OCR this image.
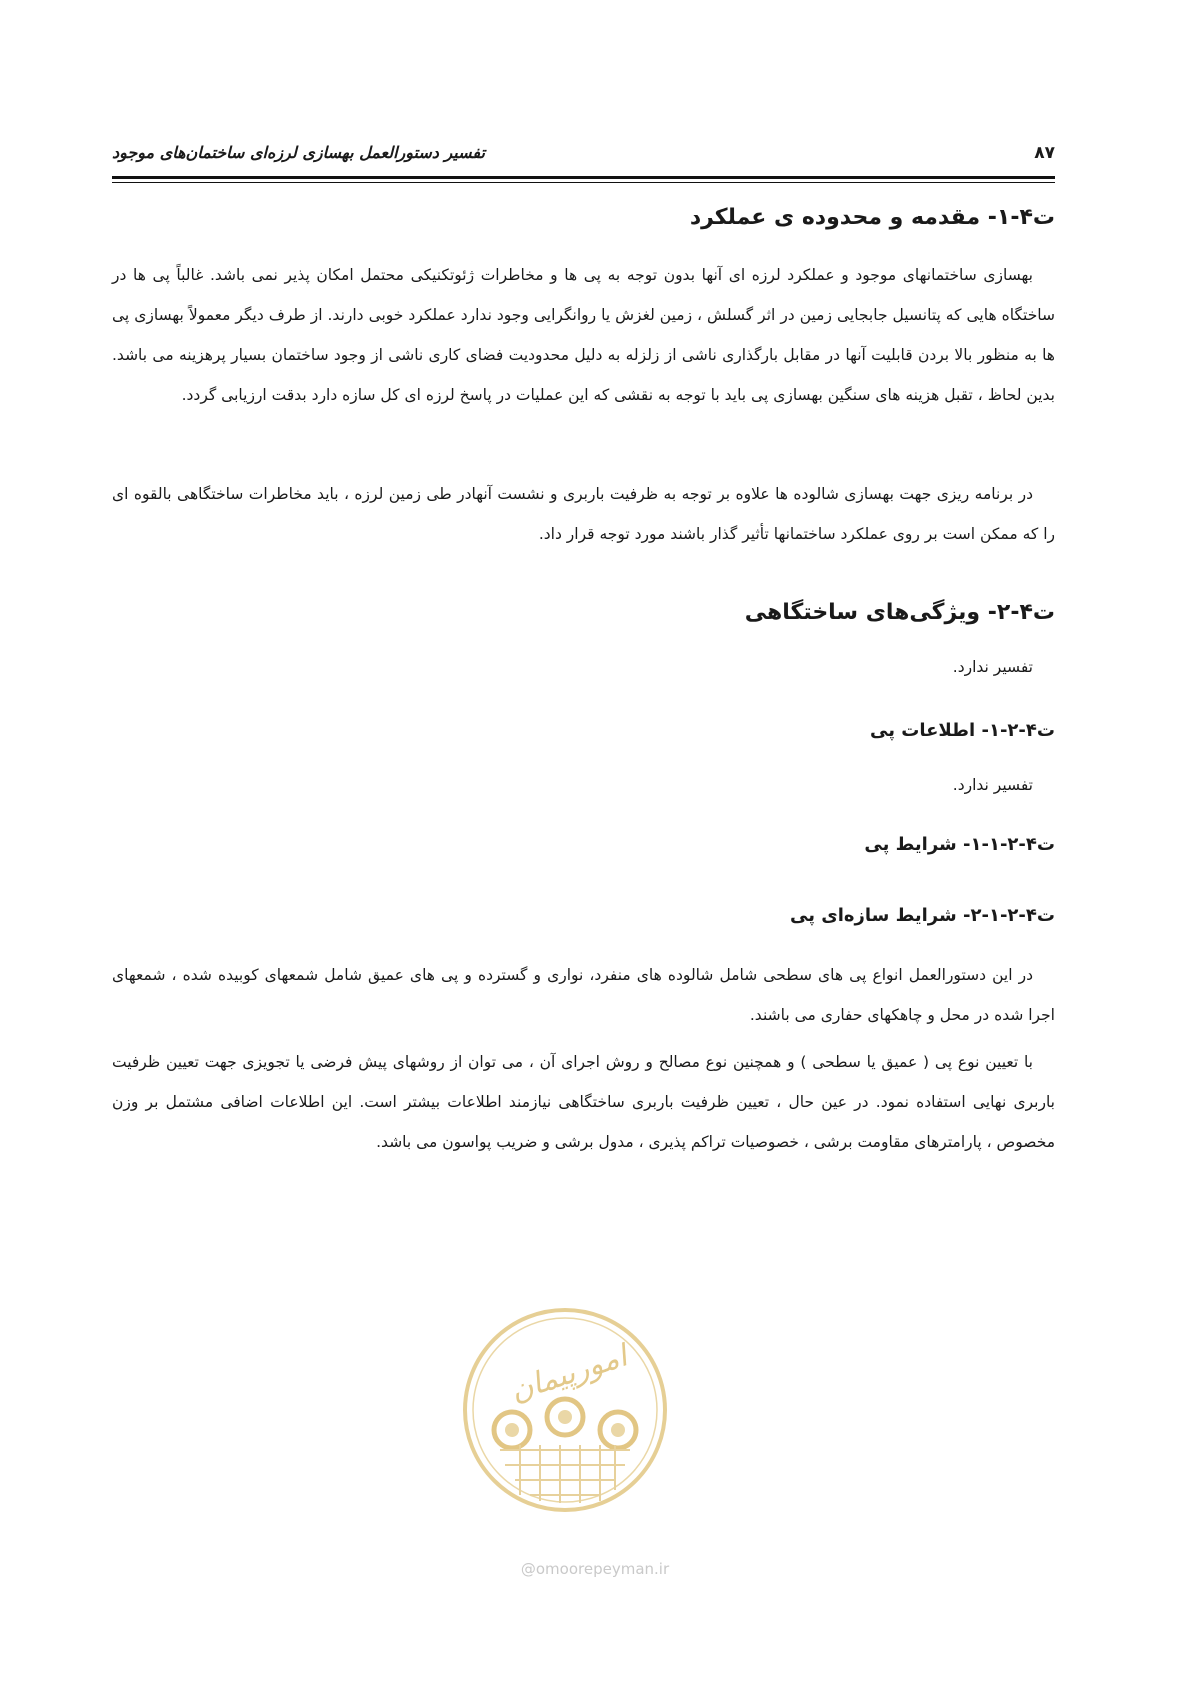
۸۷
تفسیر دستورالعمل بهسازی لرزه‌ای ساختمان‌های موجود
ت۴-۱- مقدمه و محدوده ی عملکرد
بهسازی ساختمانهای موجود و عملکرد لرزه ای آنها بدون توجه به پی ها و مخاطرات ژئوتکنیکی محتمل امکان پذیر نمی باشد. غالباً پی ها در ساختگاه هایی که پتانسیل جابجایی زمین در اثر گسلش ، زمین لغزش یا روانگرایی وجود ندارد عملکرد خوبی دارند. از طرف دیگر معمولاً بهسازی پی ها به منظور بالا بردن قابلیت آنها در مقابل بارگذاری ناشی از زلزله به دلیل محدودیت فضای کاری ناشی از وجود ساختمان بسیار پرهزینه می باشد. بدین لحاظ ، تقبل هزینه های سنگین بهسازی پی باید با توجه به نقشی که این عملیات در پاسخ لرزه ای کل سازه دارد بدقت ارزیابی گردد.
در برنامه ریزی جهت بهسازی شالوده ها علاوه بر توجه به ظرفیت باربری و نشست آنهادر طی زمین لرزه ، باید مخاطرات ساختگاهی بالقوه ای را که ممکن است بر روی عملکرد ساختمانها تأثیر گذار باشند مورد توجه قرار داد.
ت۴-۲- ویژگی‌های ساختگاهی
تفسیر ندارد.
ت۴-۲-۱- اطلاعات پی
تفسیر ندارد.
ت۴-۲-۱-۱- شرایط پی
ت۴-۲-۱-۲- شرایط سازه‌ای پی
در این دستورالعمل انواع پی های سطحی شامل شالوده های منفرد، نواری و گسترده و پی های عمیق شامل شمعهای کوبیده شده ، شمعهای اجرا شده در محل و چاهکهای حفاری می باشند.
با تعیین نوع پی ( عمیق یا سطحی ) و همچنین نوع مصالح و روش اجرای آن ، می توان از روشهای پیش فرضی یا تجویزی جهت تعیین ظرفیت باربری نهایی استفاده نمود. در عین حال ، تعیین ظرفیت باربری ساختگاهی نیازمند اطلاعات بیشتر است. این اطلاعات اضافی مشتمل بر وزن مخصوص ، پارامترهای مقاومت برشی ، خصوصیات تراکم پذیری ، مدول برشی و ضریب پواسون می باشد.
امورپیمان
@omoorepeyman.ir
